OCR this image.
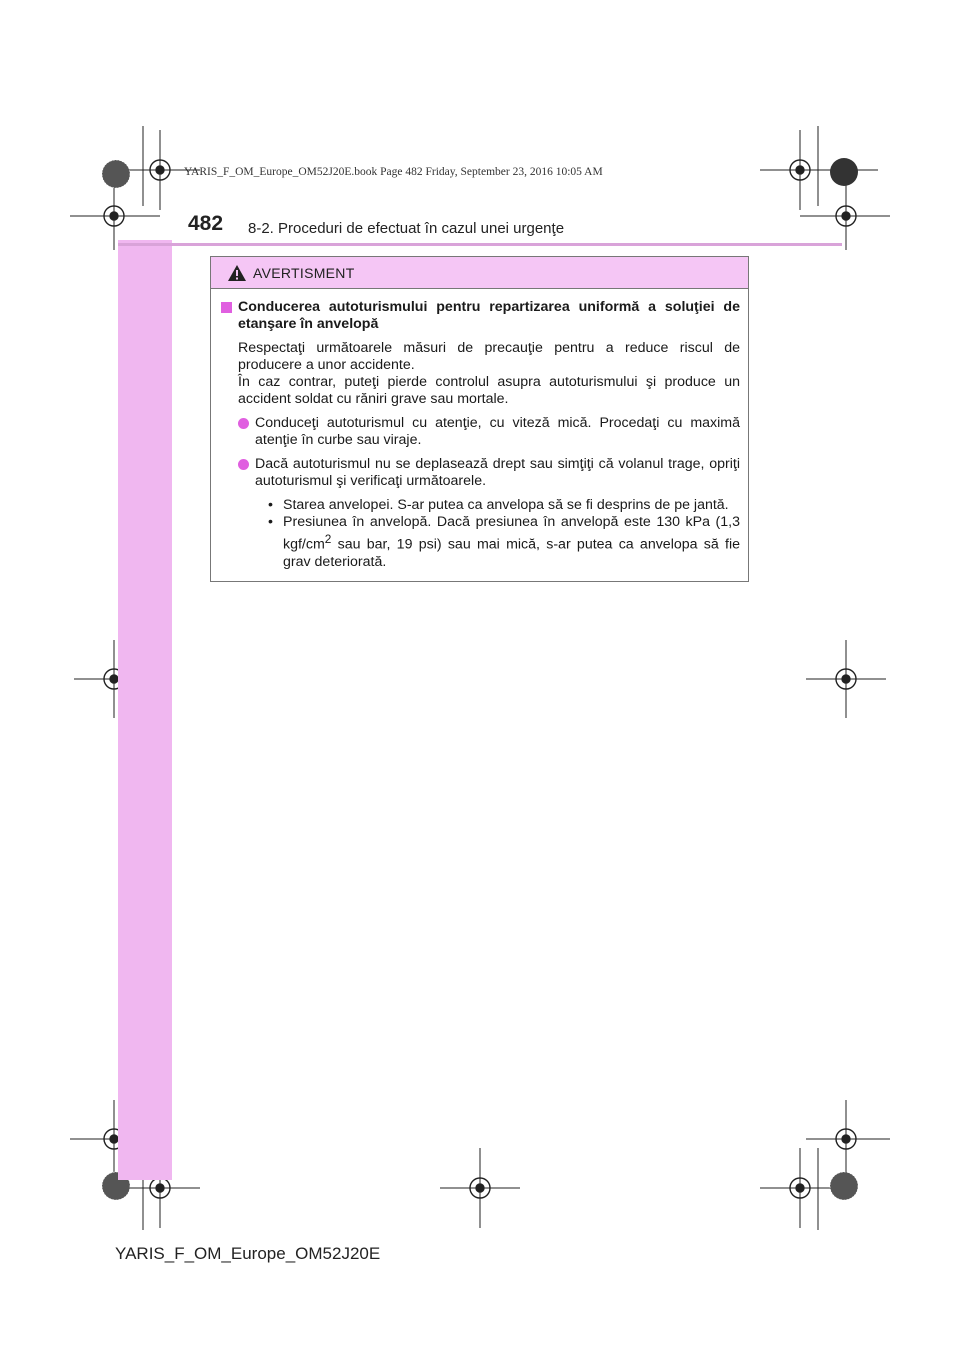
YARIS_F_OM_Europe_OM52J20E.book Page 482 Friday, September 23, 2016 10:05 AM
482 8-2. Proceduri de efectuat în cazul unei urgenţe
AVERTISMENT
Conducerea autoturismului pentru repartizarea uniformă a soluţiei de etanşare în anvelopă
Respectaţi următoarele măsuri de precauţie pentru a reduce riscul de producere a unor accidente.
În caz contrar, puteţi pierde controlul asupra autoturismului şi produce un accident soldat cu răniri grave sau mortale.
Conduceţi autoturismul cu atenţie, cu viteză mică. Procedaţi cu maximă atenţie în curbe sau viraje.
Dacă autoturismul nu se deplasează drept sau simţiţi că volanul trage, opriţi autoturismul şi verificaţi următoarele.
• Starea anvelopei. S-ar putea ca anvelopa să se fi desprins de pe jantă.
• Presiunea în anvelopă. Dacă presiunea în anvelopă este 130 kPa (1,3 kgf/$cm^2$ sau bar, 19 psi) sau mai mică, s-ar putea ca anvelopa să fie grav deteriorată.
YARIS_F_OM_Europe_OM52J20E
